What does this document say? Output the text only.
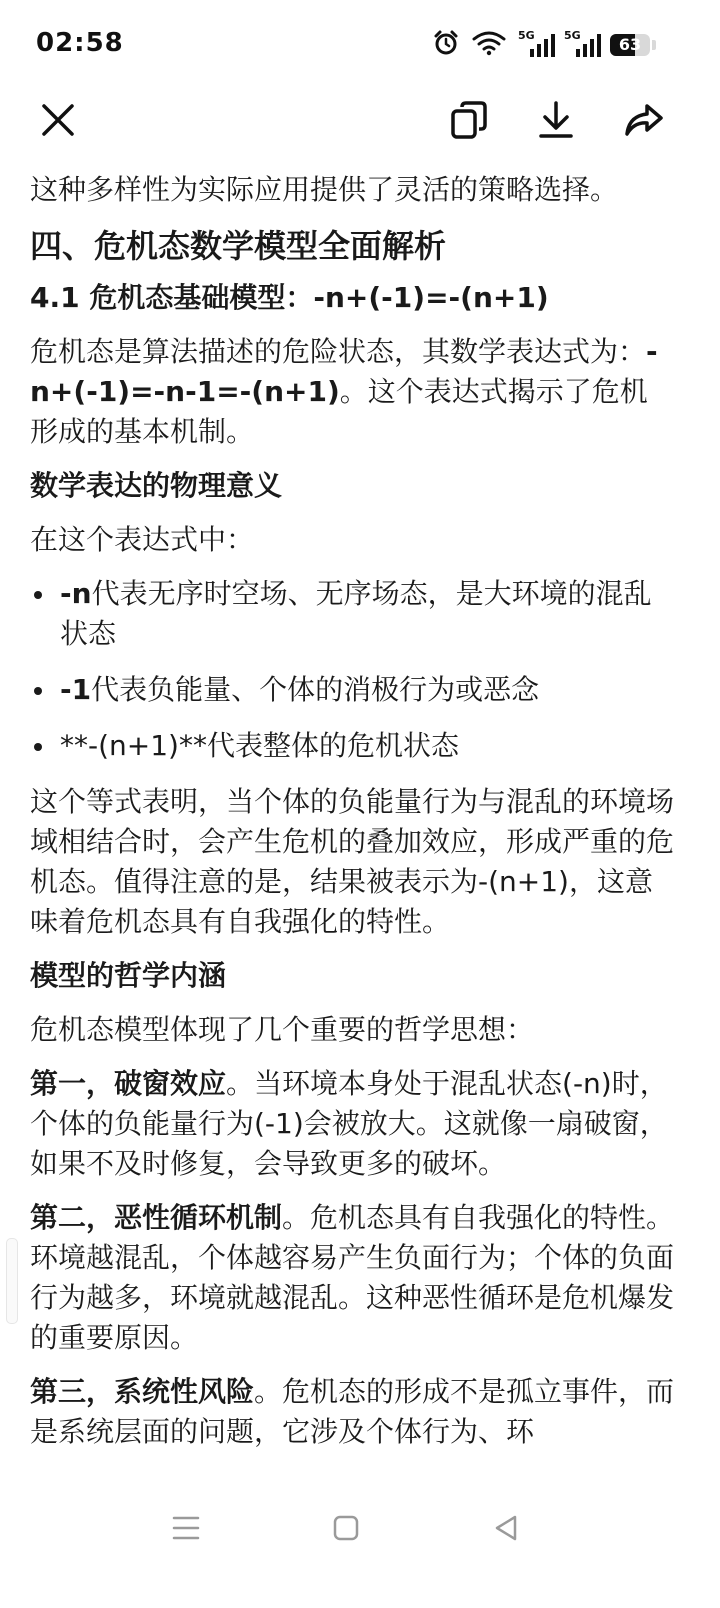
02:58	5G	5G	63

这种多样性为实际应用提供了灵活的策略选择。

四、危机态数学模型全面解析
4.1 危机态基础模型：-n+(-1)=-(n+1)

危机态是算法描述的危险状态，其数学表达式为：-n+(-1)=-n-1=-(n+1)。这个表达式揭示了危机形成的基本机制。

数学表达的物理意义

在这个表达式中：

-n代表无序时空场、无序场态，是大环境的混乱状态
-1代表负能量、个体的消极行为或恶念
**-(n+1)**代表整体的危机状态

这个等式表明，当个体的负能量行为与混乱的环境场域相结合时，会产生危机的叠加效应，形成严重的危机态。值得注意的是，结果被表示为-(n+1)，这意味着危机态具有自我强化的特性。

模型的哲学内涵

危机态模型体现了几个重要的哲学思想：

第一，破窗效应。当环境本身处于混乱状态(-n)时，个体的负能量行为(-1)会被放大。这就像一扇破窗，如果不及时修复，会导致更多的破坏。

第二，恶性循环机制。危机态具有自我强化的特性。环境越混乱，个体越容易产生负面行为；个体的负面行为越多，环境就越混乱。这种恶性循环是危机爆发的重要原因。

第三，系统性风险。危机态的形成不是孤立事件，而是系统层面的问题，它涉及个体行为、环
